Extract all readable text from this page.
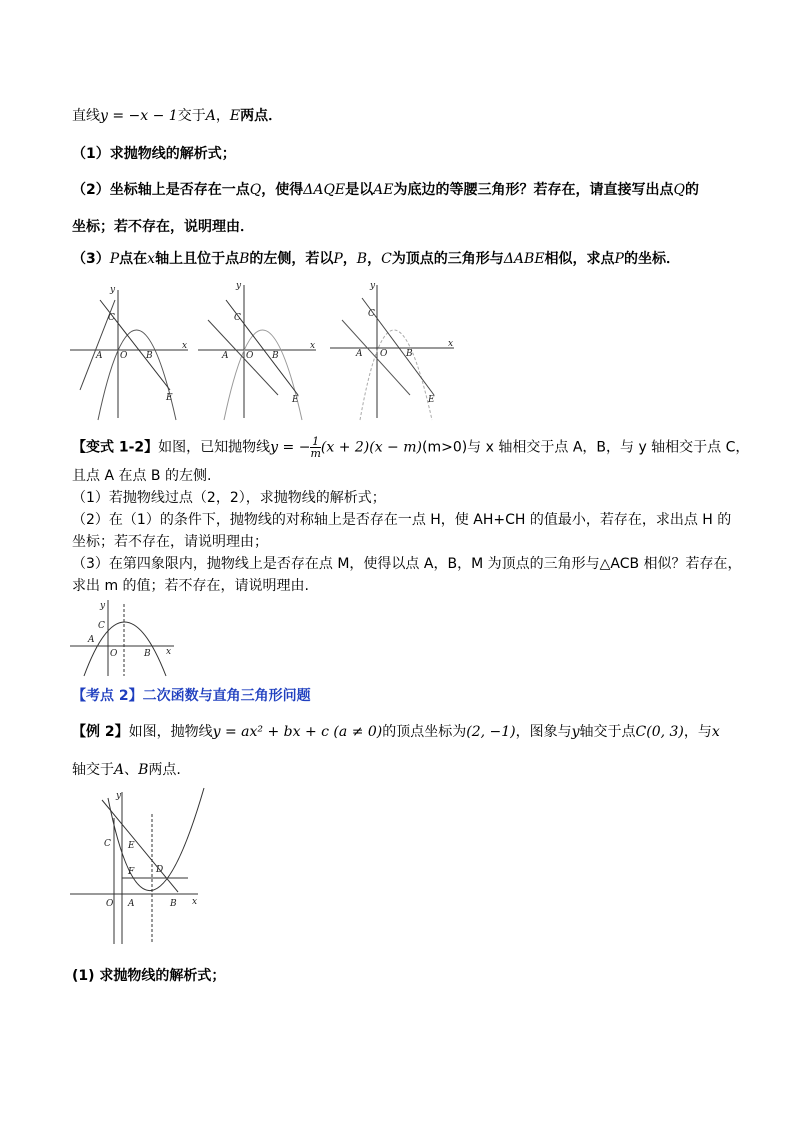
直线y = −x − 1交于A，E两点．
（1）求抛物线的解析式；
（2）坐标轴上是否存在一点Q，使得ΔAQE是以AE为底边的等腰三角形？若存在，请直接写出点Q的
坐标；若不存在，说明理由．
（3）P点在x轴上且位于点B的左侧，若以P，B，C为顶点的三角形与ΔABE相似，求点P的坐标．
y
x
C
A O B
E
y
x
C
A O B
E
y
x
C
A O B
E
【变式 1-2】如图，已知抛物线y = − $\frac{1}{m} (x + 2)(x - m)(m>0)$与 x 轴相交于点 A，B，与 y 轴相交于点 C，
且点 A 在点 B 的左侧.
（1）若抛物线过点（2，2），求抛物线的解析式；
（2）在（1）的条件下，抛物线的对称轴上是否存在一点 H，使 AH+CH 的值最小，若存在，求出点 H 的
坐标；若不存在，请说明理由；
（3）在第四象限内，抛物线上是否存在点 M，使得以点 A，B，M 为顶点的三角形与△ACB 相似？若存在，
求出 m 的值；若不存在，请说明理由.
y
C
A
O	B x
【考点 2】二次函数与直角三角形问题
【例 2】如图，抛物线y = ax² + bx + c (a ≠ 0)的顶点坐标为(2, −1)，图象与y轴交于点C(0, 3)，与x
轴交于A、B两点.
y
C E
F D
O A	B x
(1) 求抛物线的解析式；
